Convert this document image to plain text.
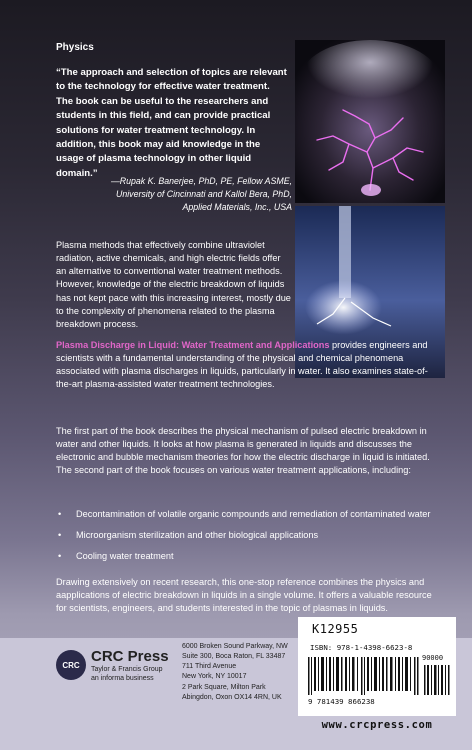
Physics
“The approach and selection of topics are relevant to the technology for effective water treatment. The book can be useful to the researchers and students in this field, and can provide practical solutions for water treatment technology. In addition, this book may aid knowledge in the usage of plasma technology in other liquid domain.”
—Rupak K. Banerjee, PhD, PE, Fellow ASME,
University of Cincinnati and Kallol Bera, PhD,
Applied Materials, Inc., USA
Plasma methods that effectively combine ultraviolet radiation, active chemicals, and high electric fields offer an alternative to conventional water treatment methods. However, knowledge of the electric breakdown of liquids has not kept pace with this increasing interest, mostly due to the complexity of phenomena related to the plasma breakdown process.
Plasma Discharge in Liquid: Water Treatment and Applications provides engineers and scientists with a fundamental understanding of the physical and chemical phenomena associated with plasma discharges in liquids, particularly in water. It also examines state-of-the-art plasma-assisted water treatment technologies.
The first part of the book describes the physical mechanism of pulsed electric breakdown in water and other liquids. It looks at how plasma is generated in liquids and discusses the electronic and bubble mechanism theories for how the electric discharge in liquid is initiated. The second part of the book focuses on various water treatment applications, including:
• Decontamination of volatile organic compounds and remediation of contaminated water
• Microorganism sterilization and other biological applications
• Cooling water treatment
Drawing extensively on recent research, this one-stop reference combines the physics and aapplications of electric breakdown in liquids in a single volume. It offers a valuable resource for scientists, engineers, and students interested in the topic of plasmas in liquids.
CRC CRC Press
Taylor & Francis Group
an informa business
6000 Broken Sound Parkway, NW
Suite 300, Boca Raton, FL 33487
711 Third Avenue
New York, NY 10017
2 Park Square, Milton Park
Abingdon, Oxon OX14 4RN, UK
K12955
ISBN: 978-1-4398-6623-8
90000
9 781439 866238
www.crcpress.com
